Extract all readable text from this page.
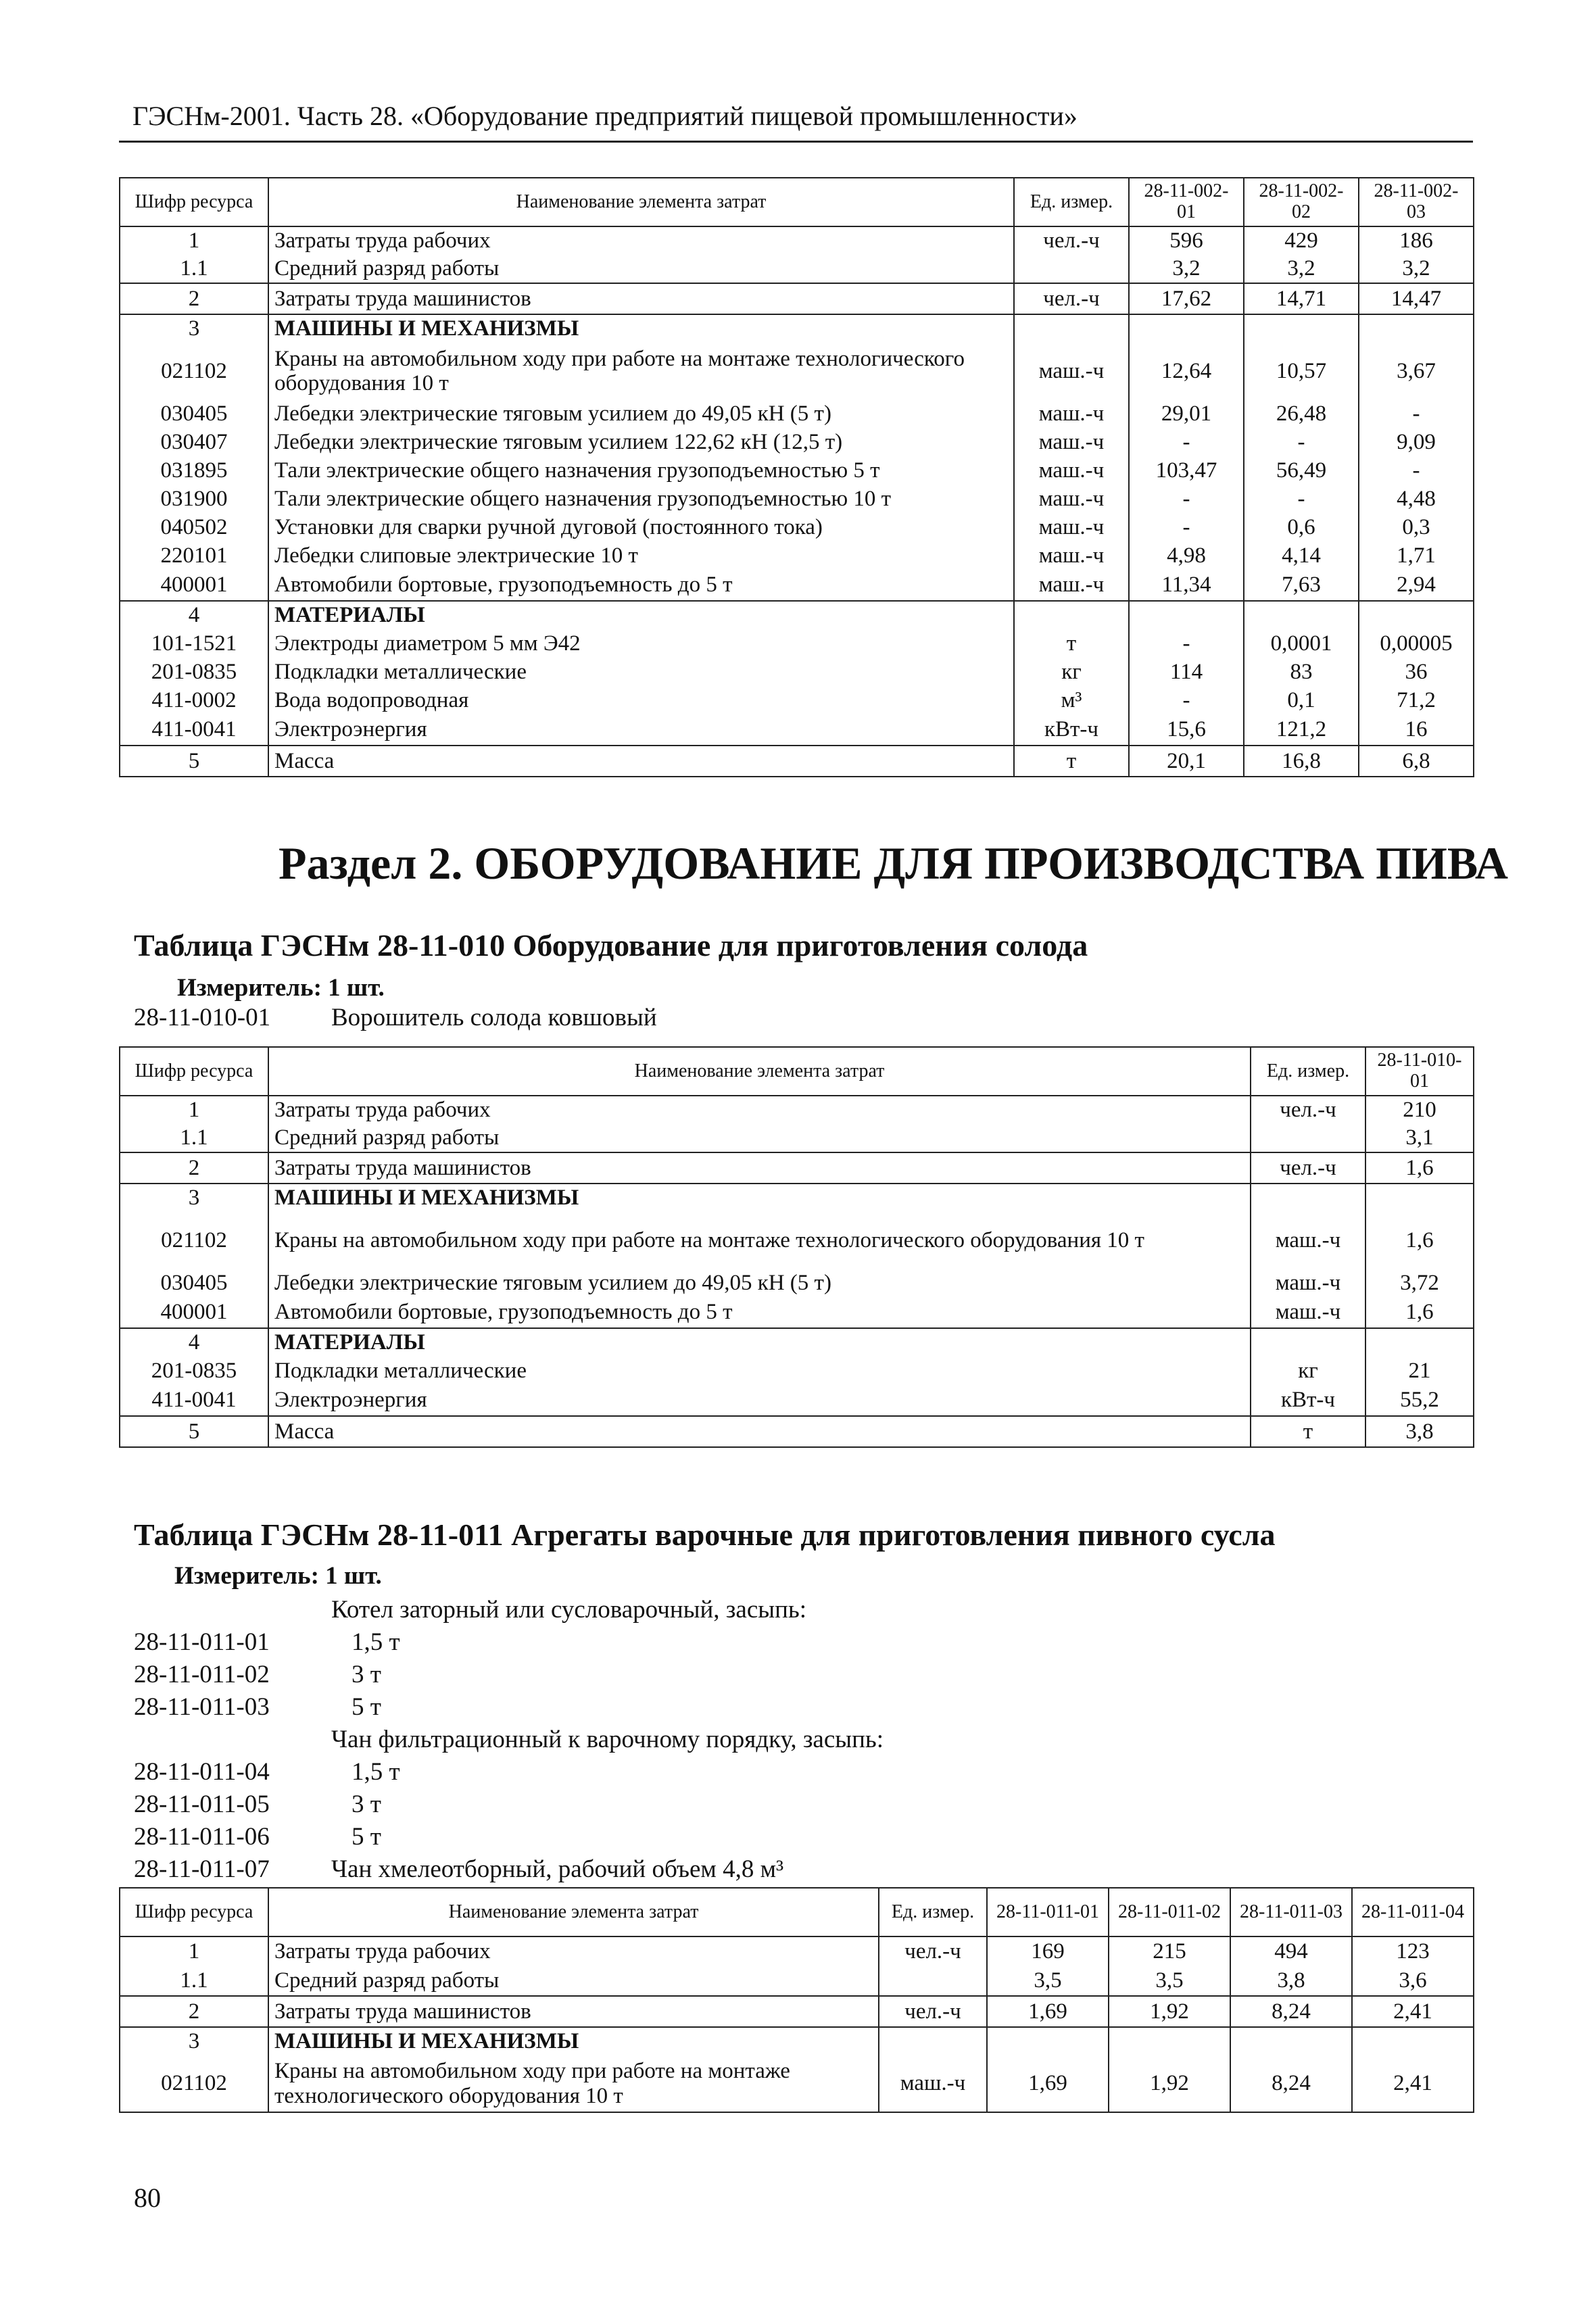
ГЭСНм-2001. Часть 28. «Оборудование предприятий пищевой промышленности»
Шифр ресурса	Наименование элемента затрат	Ед. измер.	28-11-002-01	28-11-002-02	28-11-002-03
1	Затраты труда рабочих	чел.-ч	596	429	186
1.1	Средний разряд работы		3,2	3,2	3,2
2	Затраты труда машинистов	чел.-ч	17,62	14,71	14,47
3	МАШИНЫ И МЕХАНИЗМЫ				
021102	Краны на автомобильном ходу при работе на монтаже технологического оборудования 10 т	маш.-ч	12,64	10,57	3,67
030405	Лебедки электрические тяговым усилием до 49,05 кН (5 т)	маш.-ч	29,01	26,48	-
030407	Лебедки электрические тяговым усилием 122,62 кН (12,5 т)	маш.-ч	-	-	9,09
031895	Тали электрические общего назначения грузоподъемностью 5 т	маш.-ч	103,47	56,49	-
031900	Тали электрические общего назначения грузоподъемностью 10 т	маш.-ч	-	-	4,48
040502	Установки для сварки ручной дуговой (постоянного тока)	маш.-ч	-	0,6	0,3
220101	Лебедки слиповые электрические 10 т	маш.-ч	4,98	4,14	1,71
400001	Автомобили бортовые, грузоподъемность до 5 т	маш.-ч	11,34	7,63	2,94
4	МАТЕРИАЛЫ				
101-1521	Электроды диаметром 5 мм Э42	т	-	0,0001	0,00005
201-0835	Подкладки металлические	кг	114	83	36
411-0002	Вода водопроводная	м³	-	0,1	71,2
411-0041	Электроэнергия	кВт-ч	15,6	121,2	16
5	Масса	т	20,1	16,8	6,8
Раздел 2. ОБОРУДОВАНИЕ ДЛЯ ПРОИЗВОДСТВА ПИВА
Таблица ГЭСНм 28-11-010 Оборудование для приготовления солода
Измеритель: 1 шт.
28-11-010-01 Ворошитель солода ковшовый
Шифр ресурса	Наименование элемента затрат	Ед. измер.	28-11-010-01
1	Затраты труда рабочих	чел.-ч	210
1.1	Средний разряд работы		3,1
2	Затраты труда машинистов	чел.-ч	1,6
3	МАШИНЫ И МЕХАНИЗМЫ		
021102	Краны на автомобильном ходу при работе на монтаже технологического оборудования 10 т	маш.-ч	1,6
030405	Лебедки электрические тяговым усилием до 49,05 кН (5 т)	маш.-ч	3,72
400001	Автомобили бортовые, грузоподъемность до 5 т	маш.-ч	1,6
4	МАТЕРИАЛЫ		
201-0835	Подкладки металлические	кг	21
411-0041	Электроэнергия	кВт-ч	55,2
5	Масса	т	3,8
Таблица ГЭСНм 28-11-011 Агрегаты варочные для приготовления пивного сусла
Измеритель: 1 шт.
Котел заторный или сусловарочный, засыпь:
28-11-011-01	1,5 т
28-11-011-02	3 т
28-11-011-03	5 т
Чан фильтрационный к варочному порядку, засыпь:
28-11-011-04	1,5 т
28-11-011-05	3 т
28-11-011-06	5 т
28-11-011-07 Чан хмелеотборный, рабочий объем 4,8 м³
Шифр ресурса	Наименование элемента затрат	Ед. измер.	28-11-011-01	28-11-011-02	28-11-011-03	28-11-011-04
1	Затраты труда рабочих	чел.-ч	169	215	494	123
1.1	Средний разряд работы		3,5	3,5	3,8	3,6
2	Затраты труда машинистов	чел.-ч	1,69	1,92	8,24	2,41
3	МАШИНЫ И МЕХАНИЗМЫ					
021102	Краны на автомобильном ходу при работе на монтаже технологического оборудования 10 т	маш.-ч	1,69	1,92	8,24	2,41
80
